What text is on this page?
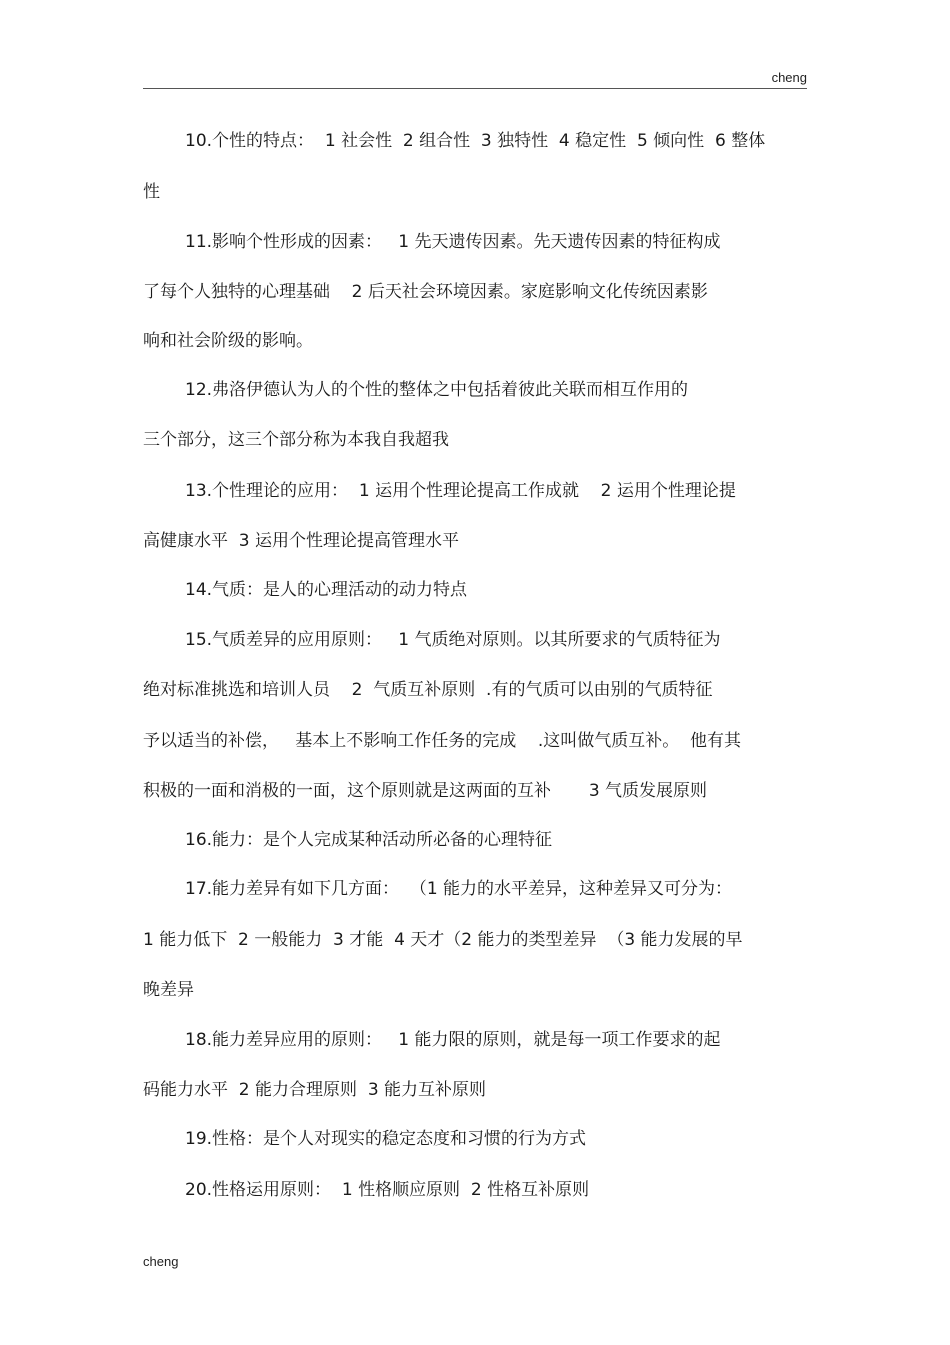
cheng
10.个性的特点：  1 社会性  2 组合性  3 独特性  4 稳定性  5 倾向性  6 整体
性
11.影响个性形成的因素：   1 先天遗传因素。先天遗传因素的特征构成
了每个人独特的心理基础    2 后天社会环境因素。家庭影响文化传统因素影
响和社会阶级的影响。
12.弗洛伊德认为人的个性的整体之中包括着彼此关联而相互作用的
三个部分，这三个部分称为本我自我超我
13.个性理论的应用：  1 运用个性理论提高工作成就    2 运用个性理论提
高健康水平  3 运用个性理论提高管理水平
14.气质：是人的心理活动的动力特点
15.气质差异的应用原则：   1 气质绝对原则。以其所要求的气质特征为
绝对标准挑选和培训人员    2  气质互补原则  .有的气质可以由别的气质特征
予以适当的补偿，   基本上不影响工作任务的完成    .这叫做气质互补。  他有其
积极的一面和消极的一面，这个原则就是这两面的互补       3 气质发展原则
16.能力：是个人完成某种活动所必备的心理特征
17.能力差异有如下几方面：  （1 能力的水平差异，这种差异又可分为：
1 能力低下  2 一般能力  3 才能  4 天才（2 能力的类型差异  （3 能力发展的早
晚差异
18.能力差异应用的原则：   1 能力限的原则，就是每一项工作要求的起
码能力水平  2 能力合理原则  3 能力互补原则
19.性格：是个人对现实的稳定态度和习惯的行为方式
20.性格运用原则：  1 性格顺应原则  2 性格互补原则
cheng
